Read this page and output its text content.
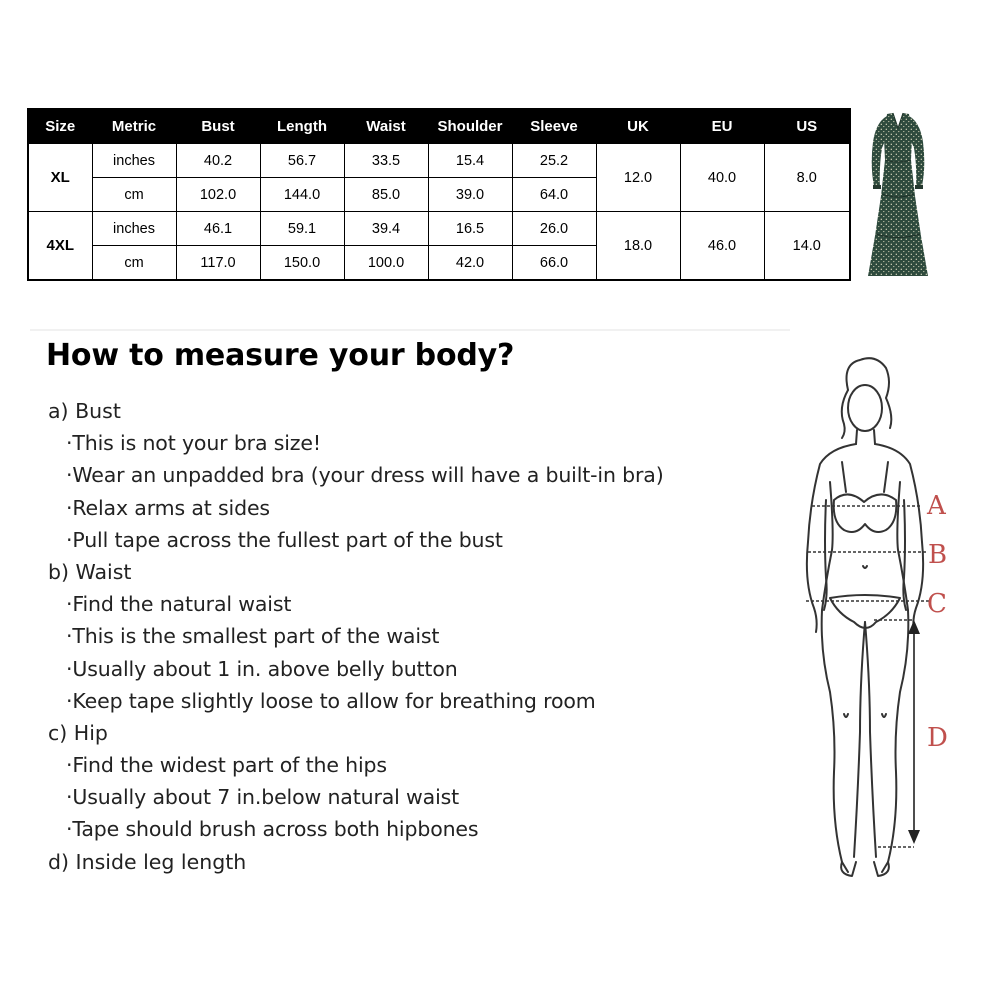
Size	Metric	Bust	Length	Waist	Shoulder	Sleeve	UK	EU	US
XL	inches	40.2	56.7	33.5	15.4	25.2	12.0	40.0	8.0
	cm	102.0	144.0	85.0	39.0	64.0			
4XL	inches	46.1	59.1	39.4	16.5	26.0	18.0	46.0	14.0
	cm	117.0	150.0	100.0	42.0	66.0			
How to measure your body?
a) Bust
·This is not your bra size!
·Wear an unpadded bra (your dress will have a built-in bra)
·Relax arms at sides
·Pull tape across the fullest part of the bust
b) Waist
·Find the natural waist
·This is the smallest part of the waist
·Usually about 1 in. above belly button
·Keep tape slightly loose to allow for breathing room
c) Hip
·Find the widest part of the hips
·Usually about 7 in.below natural waist
·Tape should brush across both hipbones
d) Inside leg length
A
B
C
D
